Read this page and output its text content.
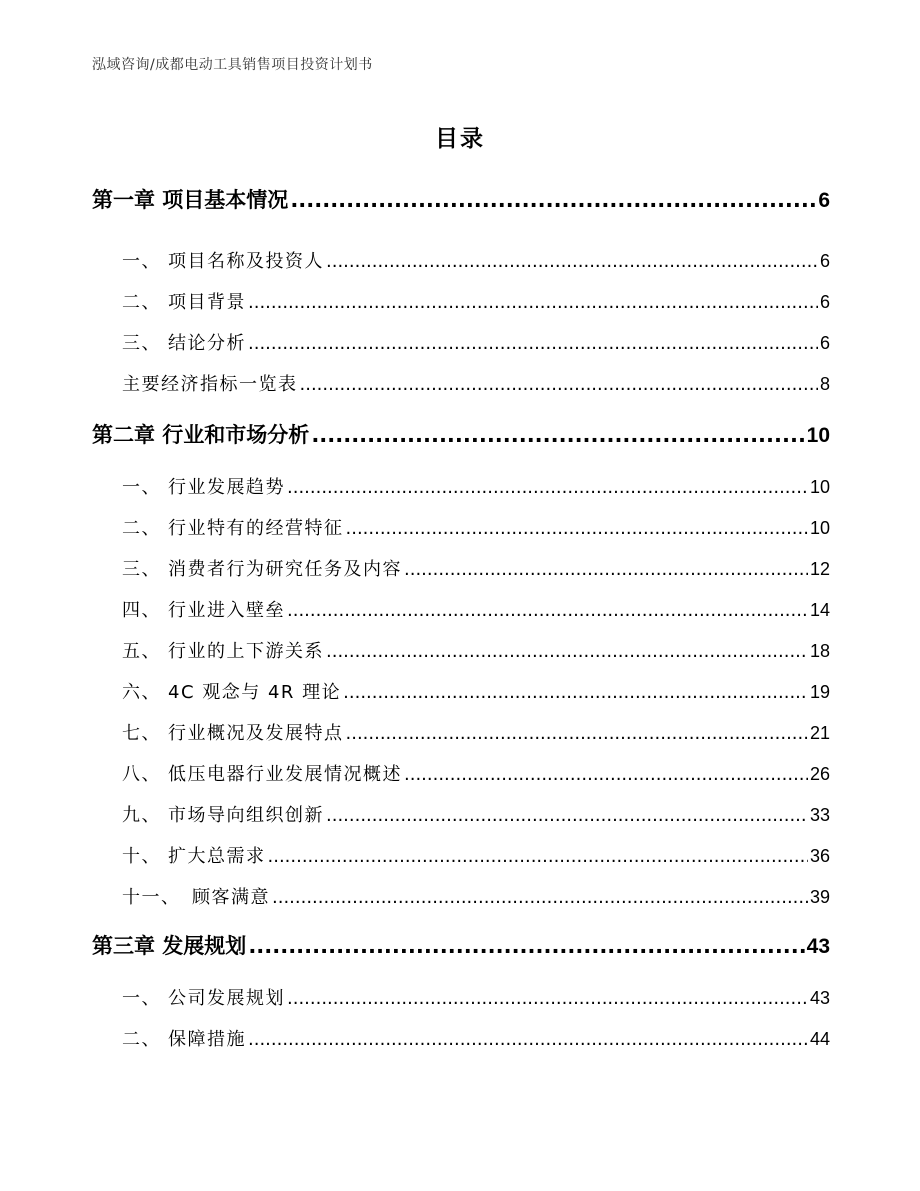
泓域咨询/成都电动工具销售项目投资计划书
目录
第一章 项目基本情况 .....	6
一、 项目名称及投资人 .....	6
二、 项目背景 .....	6
三、 结论分析 .....	6
主要经济指标一览表 .....	8
第二章 行业和市场分析 .....	10
一、 行业发展趋势 .....	10
二、 行业特有的经营特征 .....	10
三、 消费者行为研究任务及内容 .....	12
四、 行业进入壁垒 .....	14
五、 行业的上下游关系 .....	18
六、 4C 观念与 4R 理论 .....	19
七、 行业概况及发展特点 .....	21
八、 低压电器行业发展情况概述 .....	26
九、 市场导向组织创新 .....	33
十、 扩大总需求 .....	36
十一、 顾客满意 .....	39
第三章 发展规划 .....	43
一、 公司发展规划 .....	43
二、 保障措施 .....	44
